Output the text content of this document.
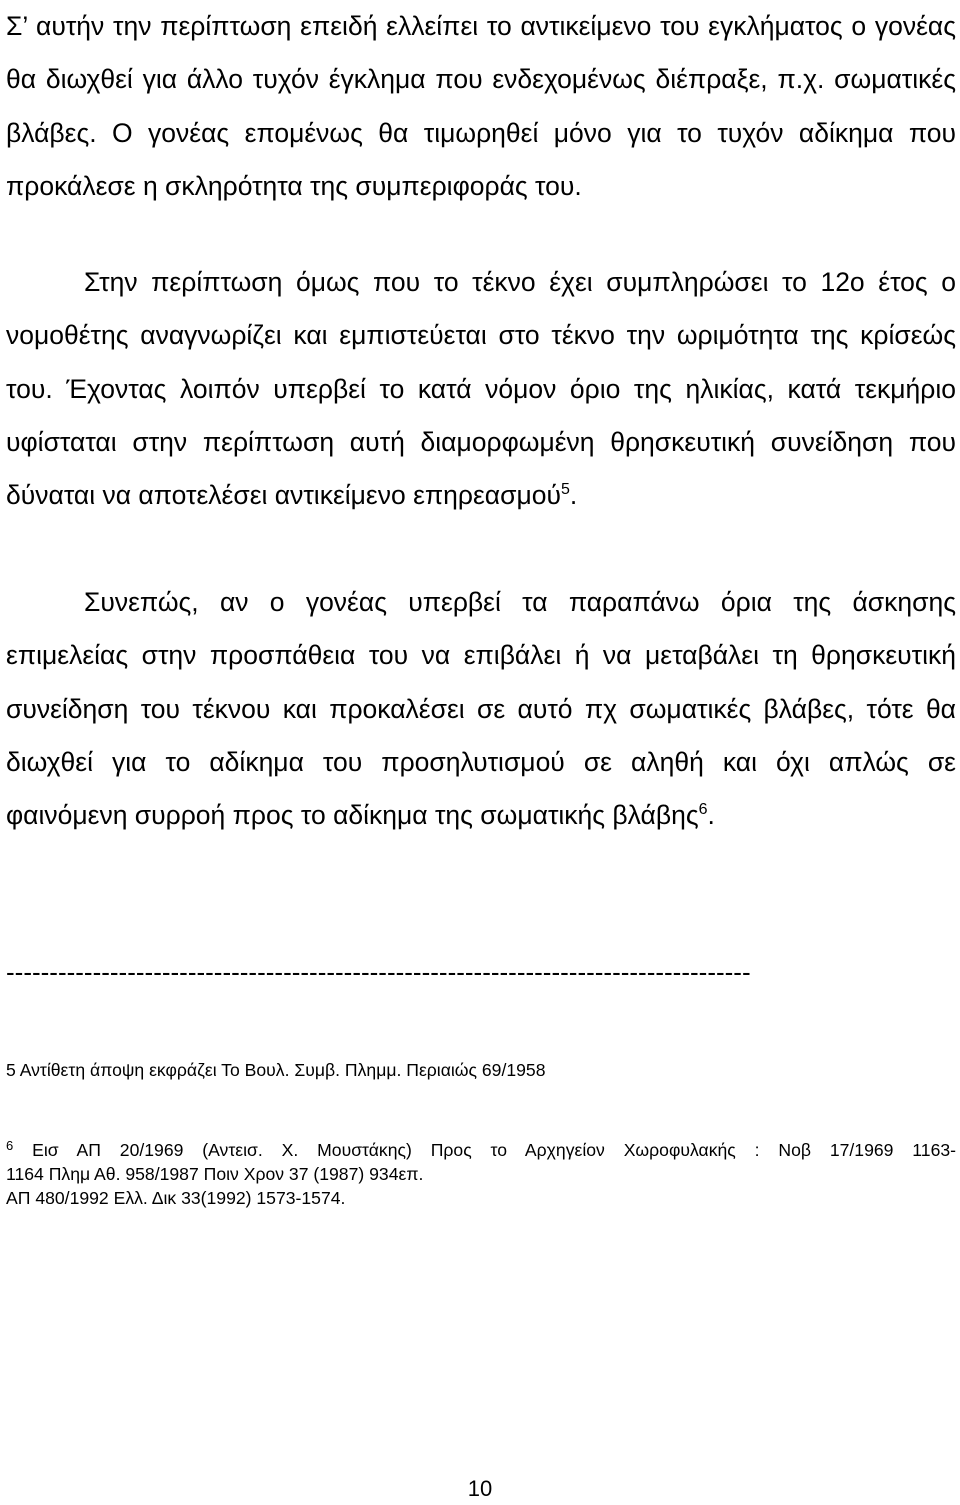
Σ’ αυτήν την περίπτωση επειδή ελλείπει το αντικείμενο του εγκλήματος ο γονέας θα διωχθεί για άλλο τυχόν έγκλημα που ενδεχομένως διέπραξε, π.χ. σωματικές βλάβες. Ο γονέας επομένως θα τιμωρηθεί μόνο για το τυχόν αδίκημα που προκάλεσε η σκληρότητα της συμπεριφοράς του.

Στην περίπτωση όμως που το τέκνο έχει συμπληρώσει το 12ο έτος ο νομοθέτης αναγνωρίζει και εμπιστεύεται στο τέκνο την ωριμότητα της κρίσεώς του. Έχοντας λοιπόν υπερβεί το κατά νόμον όριο της ηλικίας, κατά τεκμήριο υφίσταται στην περίπτωση αυτή διαμορφωμένη θρησκευτική συνείδηση που δύναται να αποτελέσει αντικείμενο επηρεασμού$^5$.

Συνεπώς, αν ο γονέας υπερβεί τα παραπάνω όρια της άσκησης επιμελείας στην προσπάθεια του να επιβάλει ή να μεταβάλει τη θρησκευτική συνείδηση του τέκνου και προκαλέσει σε αυτό πχ σωματικές βλάβες, τότε θα διωχθεί για το αδίκημα του προσηλυτισμού σε αληθή και όχι απλώς σε φαινόμενη συρροή προς το αδίκημα της σωματικής βλάβης$^6$.

--------------------------------------------------------------------------------------

5 Αντίθετη άποψη εκφράζει Το Βουλ. Συμβ. Πλημμ. Περιαιώς 69/1958

$^6$ Εισ ΑΠ 20/1969 (Αντεισ. Χ. Μουστάκης) Προς το Αρχηγείον Χωροφυλακής : Νοβ 17/1969 1163-
1164 Πλημ Αθ. 958/1987 Ποιν Χρον 37 (1987) 934επ.
ΑΠ 480/1992 Ελλ. Δικ 33(1992) 1573-1574.

10
